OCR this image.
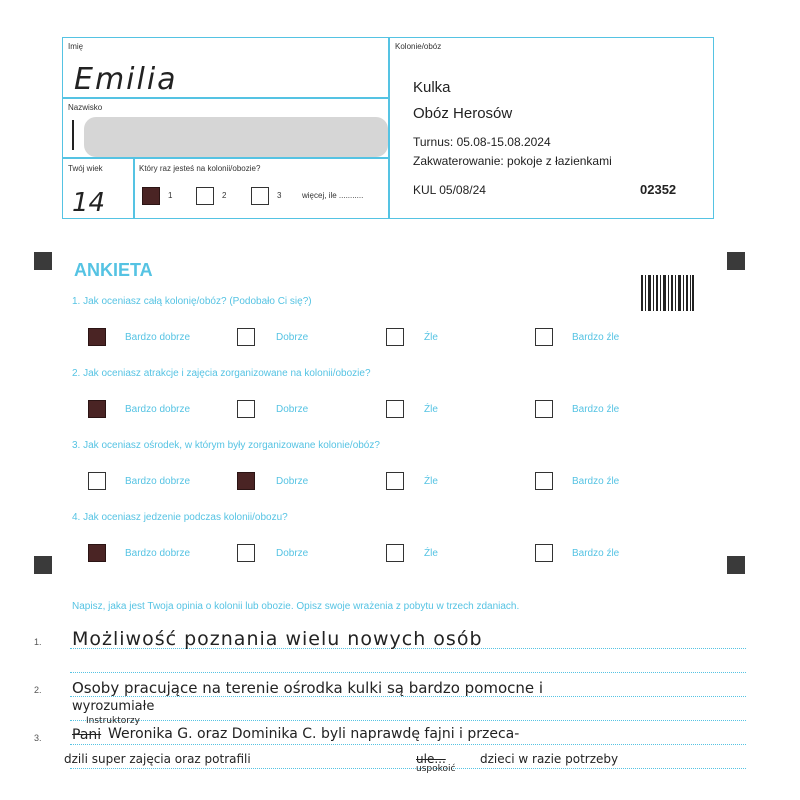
Imię
Emilia
Nazwisko
Twój wiek
14
Który raz jesteś na kolonii/obozie?
1	2	3	więcej, ile ...........
Kolonie/obóz
Kulka
Obóz Herosów
Turnus: 05.08-15.08.2024
Zakwaterowanie: pokoje z łazienkami
KUL 05/08/24	02352
ANKIETA
1. Jak oceniasz całą kolonię/obóz? (Podobało Ci się?)
Bardzo dobrze	Dobrze	Źle	Bardzo źle
2. Jak oceniasz atrakcje i zajęcia zorganizowane na kolonii/obozie?
Bardzo dobrze	Dobrze	Źle	Bardzo źle
3. Jak oceniasz ośrodek, w którym były zorganizowane kolonie/obóz?
Bardzo dobrze	Dobrze	Źle	Bardzo źle
4. Jak oceniasz jedzenie podczas kolonii/obozu?
Bardzo dobrze	Dobrze	Źle	Bardzo źle
Napisz, jaka jest Twoja opinia o kolonii lub obozie. Opisz swoje wrażenia z pobytu w trzech zdaniach.
1.
2.
3.
Możliwość poznania wielu nowych osób
Osoby pracujące na terenie ośrodka kulki są bardzo pomocne i
wyrozumiałe
Instruktorzy
Pani Weronika G. oraz Dominika C. byli naprawdę fajni i przeca-
dzili super zajęcia oraz potrafili	ule...
uspokoić
dzieci w razie potrzeby
